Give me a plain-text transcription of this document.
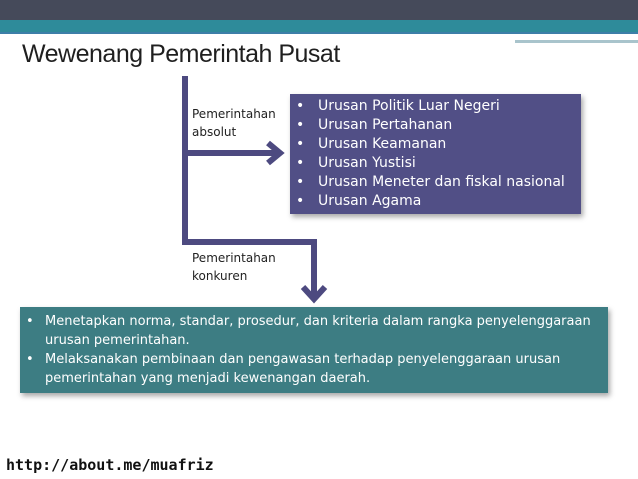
Wewenang Pemerintah Pusat
Pemerintahan
absolut
Pemerintahan
konkuren
• Urusan Politik Luar Negeri
• Urusan Pertahanan
• Urusan Keamanan
• Urusan Yustisi
• Urusan Meneter dan fiskal nasional
• Urusan Agama
• Menetapkan norma, standar, prosedur, dan kriteria dalam rangka penyelenggaraan urusan pemerintahan.
• Melaksanakan pembinaan dan pengawasan terhadap penyelenggaraan urusan pemerintahan yang menjadi kewenangan daerah.
http://about.me/muafriz
